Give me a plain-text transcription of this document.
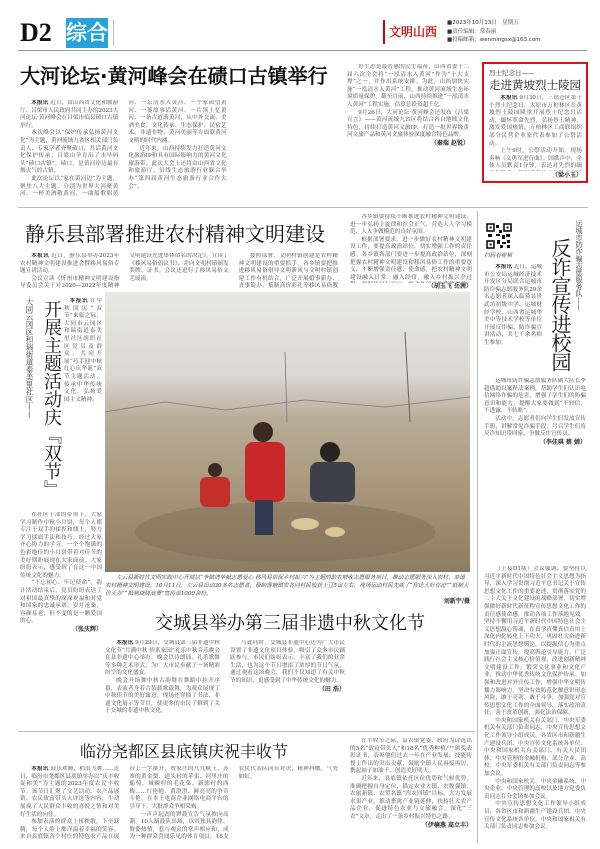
D2 综合	文明山西
■2023年10月13日　星期五
■责任编辑：常春丽
■投稿邮箱：wenmingsx@163.com
大河论坛·黄河峰会在碛口古镇举行

本报讯 近日，由山西省文化和旅游厅、吕梁市人民政府共同主办的2023大河论坛·黄河峰会在吕梁市临县碛口古镇举行。

本次峰会以“保护传承弘扬黄河文化”为主题，黄河流域九省区相关部门负责人、专家学者齐聚碛口，共话黄河文化保护传承。吕梁山孕育出了水旱码头“碛口古镇”，碛口，是黄河岸边最有烟火气的古镇。

此次论坛以“家在黄河边”为主题，聚焦八大主题，分别为世界大河聚黄河、一杯美酒敬黄河、一曲船歌唱黄河、一坛清水入黄河、一个家园望黄河、一篓故事话黄河、一片领土忆黄河、一条古道游黄河，从中外交流、美酒美食、文化传承、生态保护、民宿艺术、非遗非物、黄河美丽等方面联黄河文明的时代内涵。

近年来，山西持续发力打造黄河文化旅游IP和具有国际影响力的黄河文化旅游带。此次大会上还将由山西省文化和旅游厅、沿线生态旅游行业联合举办“第四届黄河生态旅游行业合作大会”。

好生态是最普惠的民生福祉，山西省委十二届六次全会将“一泓清水入黄河”作为“十大支撑”之一，并作出系统安排。为此，山西加快实施“一泓清水入黄河”工程，推动黄河流域生态环境质量保护。截至目前，山西持续推进“一泓清水入黄河”工程实施，估算总投资超千亿。

9月26日，大河论坛·黄河峰会还发布《吕梁宣言》——黄河流域九省区将结合各自地域文化特色，持续打造黄河文旅IP，打造一批世界级黄河文旅产品和黄河文旅体验深度融合特色品牌。

（秦瑞 赵锐）
烈士纪念日——
走进黄坡烈士陵园

本报讯 9月30日，三钻仓区第十个烈士纪念日，太原市万柏林区在黄坡烈士陵园隆重开展烈士纪念日活动，缅怀革命先烈，弘扬烈士精神，激发爱国热情。万柏林区工商联组织部分民营企业家代表参加了公祭活动。

上午9时，公祭活动开始，现场奏响《义勇军进行曲》。国歌声中，全体人员默哀1分钟，表达对先烈的缅

（梁小玉）
静乐县部署推进农村精神文明建设

本报讯 近日，静乐县举办2023年农村精神文明建设推进会暨移风易俗专题宣讲活动。

会议宣读《忻州市精神文明建设指导委员会关于对2020—2022年度精神文明建设先进集体命名的决定》，宣读了《移风易俗倡议书》，并向文明村镇颁发奖牌、证书。会议还进行了移风易俗文艺展演。

按照部署，文明村镇创建是农村精神文明建设的重要抓手，各乡镇要把推进移风易俗倡导文明新风与文明村镇创建工作有机结合，广泛开展婚事新办、丧事简办、抵制高价彩礼等移风易俗教

各乡镇要持续不断推进农村精神文明建设，进一步弘扬主旋律和社会正气，营造人人学习模范、人人争做模范的良好氛围。

根据部署要求，进一步做好农村精神文明建设工作，要提高政治站位，切实增强工作的责任感。各乡镇各部门要进一步提高政治站位，深刻把握农村精神文明建设和移风易俗工作的重要意义，不断增强责任感、使命感，把农村精神文明建设融入日常、融入经常，融入乡村振兴全过

（胡玉飞 岳茜）
扫码看视频	运城市防诈骗志愿服务队——
反诈宣传进校园

本报讯 近日，运城市公安局运城经济技术开发区分局联合运城市防诈骗志愿服务队20余名志愿者深入临猗县贵武坊初级中学、运城财经学校、山西省运城华美中等技术学校等单位开展反诈骗、防诈骗宣讲活动，共七千余名师生参加。

运城市防诈骗志愿服务队副大队长李超借助以案释法案例，帮助学生们认识电信网络诈骗的危害，增强了学生们的防骗意识和能力，提醒大家要做到“不轻信、不透露、不转账”。

活动中，志愿者们向学生们发放宣传手册，讲解常见诈骗手段，号召学生们将反诈知识带回家，争做反诈宣传员。

（李佳琪 蔡 婧）
大同云冈区和瑞街道泰美里社区—— 开展主题活动庆『双节』	本报讯 在中秋国庆“双节”来临之际，大同市云冈区和瑞街道泰美里社区组织社区党员及群众，共同开展“巧手迎中秋 红心庆华诞”双节主题活动，传承中华传统文化，弘扬爱国主义精神。

在社区干部的带领下，大家学习制作中秋小月饼，每个人都专注于双手的揉捏和线上，努力学习揉面手法和技巧。经过大家齐心协力的学习，一个个饱满的色彩绝佳的小月饼带着对佳节的美好期盼展现在大家面前。大家纷纷表示，感受到了在这一中国传统文化的魅力。

“不忘初心、牢记使命”，韵计活动结束后，党员纷纷表达了对祖国最真挚的深深祝福和对党和国家的忠诚承诺。岁月沧桑，容颜易老，但不变的是一颗爱国的心。

（张庆辉）
左云县新时代文明实践中心开展以“争做清华献志愿爱心 移风易俗促乡村振兴”为主题的助农增收志愿服务项目，推动志愿服务深入农村，参道农村精神文明建设。10月11日，左云县出动30多名志愿者，帮助落塘镇农各同村民收获土豆5亩左右，现场运动村民先就了“你论大好你论”“抵制天价天办”“抵制烧烧浪费”宣传单1000余份。
刘新宇/摄
交城县举办第三届非遗中秋文化节

本报讯 9月29日，交城县第三届非遗中秋文化节“月满中秋 情系家园”礼乐中秋音乐晚会在县非遗中心举办。晚会以诗朗诵、礼乐歌舞等多种艺术形式，为广大市民奉献了一场精彩纷呈的文化盛宴。

晚会开场舞中秋古韵舞在舞蹈中拉开序幕，表演者身着古装载歌载舞，为观众展现了中秋佳节的美好寓意。现场还穿插了书法、非遗文化展示等节目，使更多的市民了解到了关于交城的非遗中秋文化。

与此同时，交城县非遗中心还为广大市民设置了非遗文化项目体验，吸引了众多市民踊跃参与。市民们纷纷表示，丰富了我们的业余生活，也为这个节日增添了浓厚的节日气氛，通过观看这场晚会，我们不仅知道了有关中秋节的知识，更感受到了中华传统文化的魅力。

（田 浩）

（上接D1版）会议强调，要坚持以习近平新时代中国特色社会主义思想为指导，深入学习贯彻习近平总书记关于宣传思想文化工作的重要论述，贯彻落实党的二十大关于文化建设的战略部署，切实增强做好新时代新征程宣传思想文化工作的责任感使命感，推动各项工作落地见效。坚持不懈用习近平新时代中国特色社会主义思想凝心铸魂，在真学真懂真信真用上深化内化转化上下功夫。巩固壮大奋进新时代的主流思想舆论，以提振信心为重点加强正面宣传，提高舆论引导能力。广泛践行社会主义核心价值观，改进创新精神文明建设工作。繁荣文化事业和文化产业，推动中华优秀传统文化保护传承。加强和改进对外宣传工作，增强中华文明传播力影响力。坚决有效防范化解意识形态风险，敢于亮剑、敢于斗争。加强党对宣传思想文化工作的全面领导，落实政治责任，善于改革创新，强化法治保障。

中央和国家机关有关部门、中央军委机关有关部门负责同志，中央宣传思想文化工作领导小组成员，各省区市和新疆生产建设兵团、中央宣传文化系统各单位、中央和国家机关有关部门、有关人民团体、中央管理的金融机构、部分企业、高校、中央军委机关有关部门负责同志等参加会议。

中央和国家机关、中央金融系统、中央企业、中央管理的高校以及地方党委负责同志在分会场参加会议。

中央宣传思想文化工作领导小组成员，各省区市和新疆生产建设兵团、中央宣传文化系统各单位，中央和国家机关有关部门负责同志参加会议。

临汾尧都区县底镇庆祝丰收节

本报讯 鼓乐欢腾，稻浪飞舞……近日，临汾市尧都区县底镇举办以“庆丰收 促和美”为主题的2023年度农民丰收节。该节日汇聚了文艺活动、农产品展销、农民致富带头人评选等内容，生动展现了人民群众丰收的喜悦之情和对美好生活的向往。

参加表演的群众上扭秧歌，下至跃腾，每个人脸上都洋溢着幸福的笑容。来自县底镇各个村庄的特色农产品在展台上一字排开，贾家庄的九九峡王、苏寨的黄金梨、道头村的苹果、河里庄的葡萄、城疃村的毛花菜、新郭村的西梅……红艳艳、黄澄澄、鲜亮亮的争奇斗艳。在本土电商企业网络电商平台的引导下，大批群众争相采购。

一声声起劲的锣鼓宣告气氛推向高潮，10人制鼓队出场，以其独具韵律、舞姿热情，惹与观众的掌声相应和，成为一种群众喜闻乐见的体育项目，16支农民代表队同台对决，精神抖擞，气势如虹。

在丰收节之际，县农镇党委、政府为评选出的5名“致富带头人”和18名“优秀种植户”颁奖表彰证书，表彰他们过去一年在产业发展、技能传授上作出的突出贡献，鼓励全镇人民再接再厉，携起袖子加油干，创造美好明天。

近年来，县底镇依托区位优势和气候优势，准确把握自身定位，锚定农业大镇、农牧强镇、农旅新镇、农贸名镇“四农四镇”目标，大力发展水果产业，推动畜禽产业链延伸，扶持壮大农产品企业，促进特色农业与文旅融合，深化“三农”文章，走出了一条乡村振兴特色之路。

（伊楠燕 高立丰）
